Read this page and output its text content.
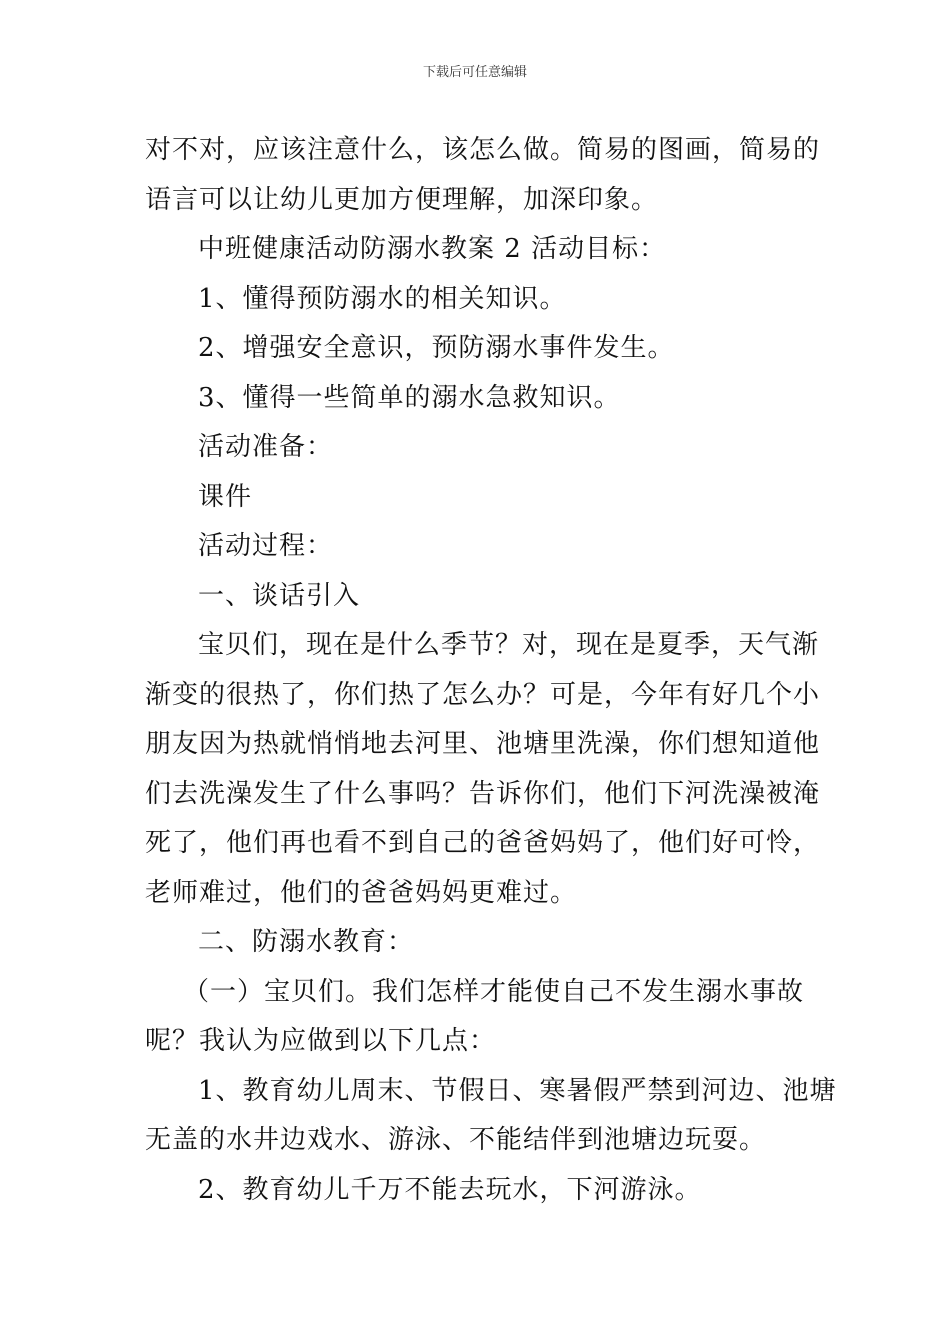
下载后可任意编辑

对不对，应该注意什么，该怎么做。简易的图画，简易的
语言可以让幼儿更加方便理解，加深印象。

中班健康活动防溺水教案 2 活动目标：

1、懂得预防溺水的相关知识。

2、增强安全意识，预防溺水事件发生。

3、懂得一些简单的溺水急救知识。

活动准备：

课件

活动过程：

一、谈话引入

宝贝们，现在是什么季节？对，现在是夏季，天气渐
渐变的很热了，你们热了怎么办？可是，今年有好几个小
朋友因为热就悄悄地去河里、池塘里洗澡，你们想知道他
们去洗澡发生了什么事吗？告诉你们，他们下河洗澡被淹
死了，他们再也看不到自己的爸爸妈妈了，他们好可怜，
老师难过，他们的爸爸妈妈更难过。

二、防溺水教育：

（一）宝贝们。我们怎样才能使自己不发生溺水事故
呢？我认为应做到以下几点：

1、教育幼儿周末、节假日、寒暑假严禁到河边、池塘
无盖的水井边戏水、游泳、不能结伴到池塘边玩耍。

2、教育幼儿千万不能去玩水，下河游泳。
